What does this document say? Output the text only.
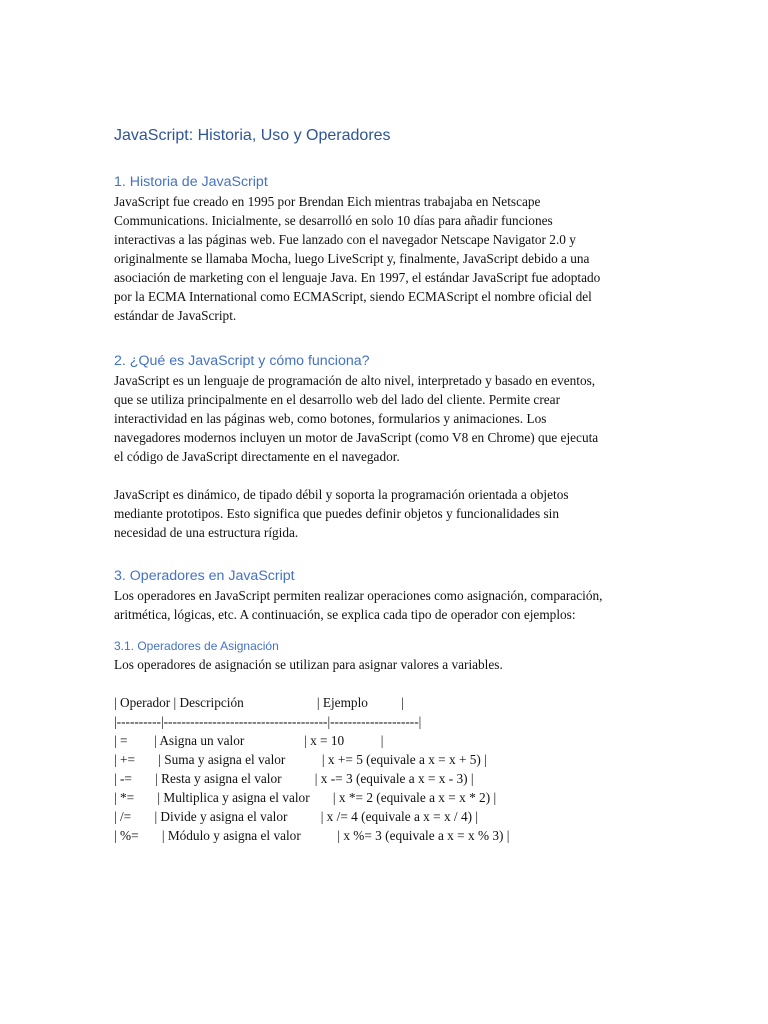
JavaScript: Historia, Uso y Operadores
1. Historia de JavaScript

JavaScript fue creado en 1995 por Brendan Eich mientras trabajaba en Netscape
Communications. Inicialmente, se desarrolló en solo 10 días para añadir funciones
interactivas a las páginas web. Fue lanzado con el navegador Netscape Navigator 2.0 y
originalmente se llamaba Mocha, luego LiveScript y, finalmente, JavaScript debido a una
asociación de marketing con el lenguaje Java. En 1997, el estándar JavaScript fue adoptado
por la ECMA International como ECMAScript, siendo ECMAScript el nombre oficial del
estándar de JavaScript.

2. ¿Qué es JavaScript y cómo funciona?

JavaScript es un lenguaje de programación de alto nivel, interpretado y basado en eventos,
que se utiliza principalmente en el desarrollo web del lado del cliente. Permite crear
interactividad en las páginas web, como botones, formularios y animaciones. Los
navegadores modernos incluyen un motor de JavaScript (como V8 en Chrome) que ejecuta
el código de JavaScript directamente en el navegador.

JavaScript es dinámico, de tipado débil y soporta la programación orientada a objetos
mediante prototipos. Esto significa que puedes definir objetos y funcionalidades sin
necesidad de una estructura rígida.

3. Operadores en JavaScript

Los operadores en JavaScript permiten realizar operaciones como asignación, comparación,
aritmética, lógicas, etc. A continuación, se explica cada tipo de operador con ejemplos:

3.1. Operadores de Asignación

Los operadores de asignación se utilizan para asignar valores a variables.

| Operador | Descripción                      | Ejemplo          |

|----------|-------------------------------------|--------------------|

| =        | Asigna un valor                  | x = 10           |

| +=       | Suma y asigna el valor           | x += 5 (equivale a x = x + 5) |

| -=       | Resta y asigna el valor          | x -= 3 (equivale a x = x - 3) |

| *=       | Multiplica y asigna el valor       | x *= 2 (equivale a x = x * 2) |

| /=       | Divide y asigna el valor          | x /= 4 (equivale a x = x / 4) |

| %=       | Módulo y asigna el valor           | x %= 3 (equivale a x = x % 3) |
